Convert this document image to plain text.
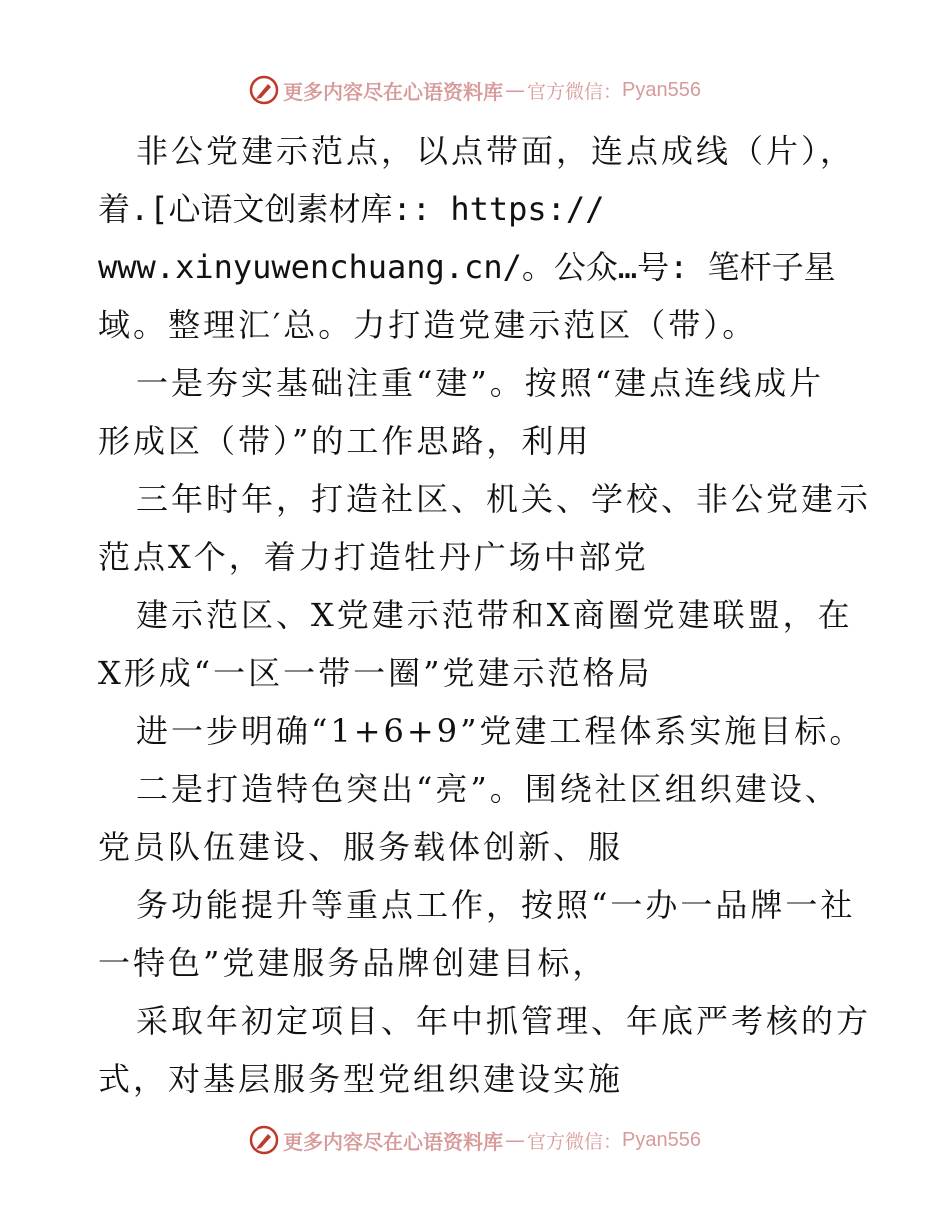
更多内容尽在心语资料库 — 官方微信： Pyan556
非公党建示范点，以点带面，连点成线（片），
着.[心语文创素材库:: https://
www.xinyuwenchuang.cn/。公众…号: 笔杆子星
域。整理汇′总。力打造党建示范区（带）。
一是夯实基础注重“建”。按照“建点连线成片
形成区（带）”的工作思路，利用
三年时年，打造社区、机关、学校、非公党建示
范点X个，着力打造牡丹广场中部党
建示范区、X党建示范带和X商圈党建联盟，在
X形成“一区一带一圈”党建示范格局
进一步明确“1+6+9”党建工程体系实施目标。
二是打造特色突出“亮”。围绕社区组织建设、
党员队伍建设、服务载体创新、服
务功能提升等重点工作，按照“一办一品牌一社
一特色”党建服务品牌创建目标，
采取年初定项目、年中抓管理、年底严考核的方
式，对基层服务型党组织建设实施
更多内容尽在心语资料库 — 官方微信： Pyan556
